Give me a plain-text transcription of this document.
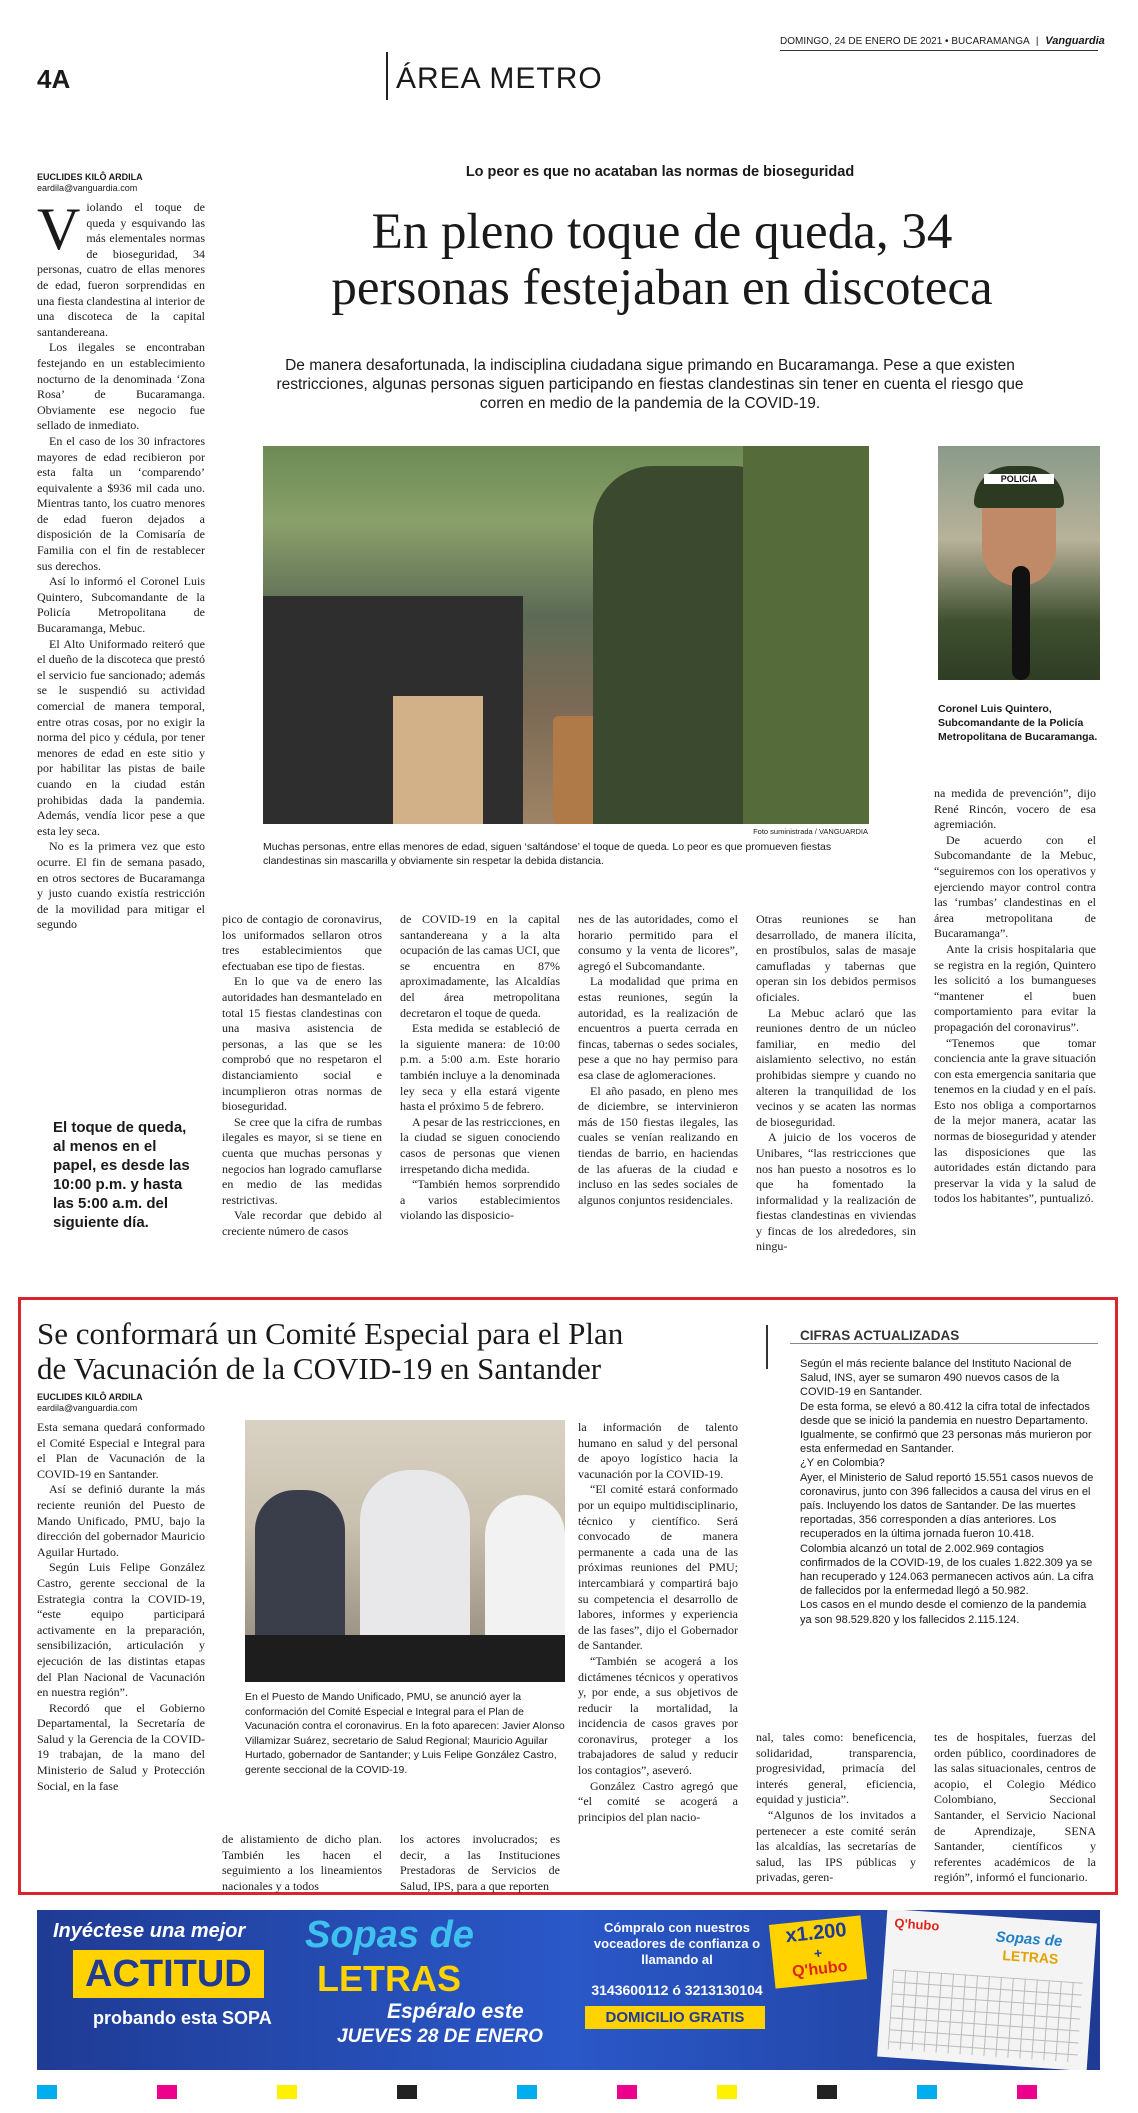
4A	ÁREA METRO
DOMINGO, 24 DE ENERO DE 2021 • BUCARAMANGA | Vanguardia
EUCLIDES KILÔ ARDILA
eardila@vanguardia.com
V iolando el toque de queda y esquivando las más elementales normas de bioseguridad, 34 personas, cuatro de ellas menores de edad, fueron sorprendidas en una fiesta clandestina al interior de una discoteca de la capital santandereana.

Los ilegales se encontraban festejando en un establecimiento nocturno de la denominada ‘Zona Rosa’ de Bucaramanga. Obviamente ese negocio fue sellado de inmediato.

En el caso de los 30 infractores mayores de edad recibieron por esta falta un ‘comparendo’ equivalente a $936 mil cada uno. Mientras tanto, los cuatro menores de edad fueron dejados a disposición de la Comisaría de Familia con el fin de restablecer sus derechos.

Así lo informó el Coronel Luis Quintero, Subcomandante de la Policía Metropolitana de Bucaramanga, Mebuc.

El Alto Uniformado reiteró que el dueño de la discoteca que prestó el servicio fue sancionado; además se le suspendió su actividad comercial de manera temporal, entre otras cosas, por no exigir la norma del pico y cédula, por tener menores de edad en este sitio y por habilitar las pistas de baile cuando en la ciudad están prohibidas dada la pandemia. Además, vendía licor pese a que esta ley seca.

No es la primera vez que esto ocurre. El fin de semana pasado, en otros sectores de Bucaramanga y justo cuando existía restricción de la movilidad para mitigar el segundo

El toque de queda, al menos en el papel, es desde las 10:00 p.m. y hasta las 5:00 a.m. del siguiente día.
Lo peor es que no acataban las normas de bioseguridad
En pleno toque de queda, 34
personas festejaban en discoteca
De manera desafortunada, la indisciplina ciudadana sigue primando en Bucaramanga. Pese a que existen restricciones, algunas personas siguen participando en fiestas clandestinas sin tener en cuenta el riesgo que corren en medio de la pandemia de la COVID-19.
Foto suministrada / VANGUARDIA
Muchas personas, entre ellas menores de edad, siguen ‘saltándose’ el toque de queda. Lo peor es que promueven fiestas clandestinas sin mascarilla y obviamente sin respetar la debida distancia.
POLICÍA
Coronel Luis Quintero, Subcomandante de la Policía Metropolitana de Bucaramanga.

pico de contagio de coronavirus, los uniformados sellaron otros tres establecimientos que efectuaban ese tipo de fiestas.

En lo que va de enero las autoridades han desmantelado en total 15 fiestas clandestinas con una masiva asistencia de personas, a las que se les comprobó que no respetaron el distanciamiento social e incumplieron otras normas de bioseguridad.

Se cree que la cifra de rumbas ilegales es mayor, si se tiene en cuenta que muchas personas y negocios han logrado camuflarse en medio de las medidas restrictivas.

Vale recordar que debido al creciente número de casos

de COVID-19 en la capital santandereana y a la alta ocupación de las camas UCI, que se encuentra en 87% aproximadamente, las Alcaldías del área metropolitana decretaron el toque de queda.

Esta medida se estableció de la siguiente manera: de 10:00 p.m. a 5:00 a.m. Este horario también incluye a la denominada ley seca y ella estará vigente hasta el próximo 5 de febrero.

A pesar de las restricciones, en la ciudad se siguen conociendo casos de personas que vienen irrespetando dicha medida.

“También hemos sorprendido a varios establecimientos violando las disposicio-

nes de las autoridades, como el horario permitido para el consumo y la venta de licores”, agregó el Subcomandante.

La modalidad que prima en estas reuniones, según la autoridad, es la realización de encuentros a puerta cerrada en fincas, tabernas o sedes sociales, pese a que no hay permiso para esa clase de aglomeraciones.

El año pasado, en pleno mes de diciembre, se intervinieron más de 150 fiestas ilegales, las cuales se venían realizando en tiendas de barrio, en haciendas de las afueras de la ciudad e incluso en las sedes sociales de algunos conjuntos residenciales.

Otras reuniones se han desarrollado, de manera ilícita, en prostíbulos, salas de masaje camufladas y tabernas que operan sin los debidos permisos oficiales.

La Mebuc aclaró que las reuniones dentro de un núcleo familiar, en medio del aislamiento selectivo, no están prohibidas siempre y cuando no alteren la tranquilidad de los vecinos y se acaten las normas de bioseguridad.

A juicio de los voceros de Unibares, “las restricciones que nos han puesto a nosotros es lo que ha fomentado la informalidad y la realización de fiestas clandestinas en viviendas y fincas de los alrededores, sin ningu-

na medida de prevención”, dijo René Rincón, vocero de esa agremiación.

De acuerdo con el Subcomandante de la Mebuc, “seguiremos con los operativos y ejerciendo mayor control contra las ‘rumbas’ clandestinas en el área metropolitana de Bucaramanga”.

Ante la crisis hospitalaria que se registra en la región, Quintero les solicitó a los bumangueses “mantener el buen comportamiento para evitar la propagación del coronavirus”.

“Tenemos que tomar conciencia ante la grave situación con esta emergencia sanitaria que tenemos en la ciudad y en el país. Esto nos obliga a comportarnos de la mejor manera, acatar las normas de bioseguridad y atender las disposiciones que las autoridades están dictando para preservar la vida y la salud de todos los habitantes”, puntualizó.

Se conformará un Comité Especial para el Plan
de Vacunación de la COVID-19 en Santander
EUCLIDES KILÔ ARDILA
eardila@vanguardia.com

Esta semana quedará conformado el Comité Especial e Integral para el Plan de Vacunación de la COVID-19 en Santander.

Así se definió durante la más reciente reunión del Puesto de Mando Unificado, PMU, bajo la dirección del gobernador Mauricio Aguilar Hurtado.

Según Luis Felipe González Castro, gerente seccional de la Estrategia contra la COVID-19, “este equipo participará activamente en la preparación, sensibilización, articulación y ejecución de las distintas etapas del Plan Nacional de Vacunación en nuestra región”.

Recordó que el Gobierno Departamental, la Secretaría de Salud y la Gerencia de la COVID-19 trabajan, de la mano del Ministerio de Salud y Protección Social, en la fase

En el Puesto de Mando Unificado, PMU, se anunció ayer la conformación del Comité Especial e Integral para el Plan de Vacunación contra el coronavirus. En la foto aparecen: Javier Alonso Villamizar Suárez, secretario de Salud Regional; Mauricio Aguilar Hurtado, gobernador de Santander; y Luis Felipe González Castro, gerente seccional de la COVID-19.

de alistamiento de dicho plan. También les hacen el seguimiento a los lineamientos nacionales y a todos

los actores involucrados; es decir, a las Instituciones Prestadoras de Servicios de Salud, IPS, para a que reporten

la información de talento humano en salud y del personal de apoyo logístico hacia la vacunación por la COVID-19.

“El comité estará conformado por un equipo multidisciplinario, técnico y científico. Será convocado de manera permanente a cada una de las próximas reuniones del PMU; intercambiará y compartirá bajo su competencia el desarrollo de labores, informes y experiencia de las fases”, dijo el Gobernador de Santander.

“También se acogerá a los dictámenes técnicos y operativos y, por ende, a sus objetivos de reducir la mortalidad, la incidencia de casos graves por coronavirus, proteger a los trabajadores de salud y reducir los contagios”, aseveró.

González Castro agregó que “el comité se acogerá a principios del plan nacio-

nal, tales como: beneficencia, solidaridad, transparencia, progresividad, primacía del interés general, eficiencia, equidad y justicia”.

“Algunos de los invitados a pertenecer a este comité serán las alcaldías, las secretarías de salud, las IPS públicas y privadas, geren-

tes de hospitales, fuerzas del orden público, coordinadores de las salas situacionales, centros de acopio, el Colegio Médico Colombiano, Seccional Santander, el Servicio Nacional de Aprendizaje, SENA Santander, científicos y referentes académicos de la región”, informó el funcionario.

CIFRAS ACTUALIZADAS
Según el más reciente balance del Instituto Nacional de Salud, INS, ayer se sumaron 490 nuevos casos de la COVID-19 en Santander.
De esta forma, se elevó a 80.412 la cifra total de infectados desde que se inició la pandemia en nuestro Departamento.
Igualmente, se confirmó que 23 personas más murieron por esta enfermedad en Santander.
¿Y en Colombia?
Ayer, el Ministerio de Salud reportó 15.551 casos nuevos de coronavirus, junto con 396 fallecidos a causa del virus en el país. Incluyendo los datos de Santander. De las muertes reportadas, 356 corresponden a días anteriores. Los recuperados en la última jornada fueron 10.418.
Colombia alcanzó un total de 2.002.969 contagios confirmados de la COVID-19, de los cuales 1.822.309 ya se han recuperado y 124.063 permanecen activos aún. La cifra de fallecidos por la enfermedad llegó a 50.982.
Los casos en el mundo desde el comienzo de la pandemia ya son 98.529.820 y los fallecidos 2.115.124.
Inyéctese una mejor
ACTITUD
probando esta SOPA
Sopas de
LETRAS
Espéralo este
JUEVES 28 DE ENERO
Cómpralo con nuestros voceadores de confianza o llamando al
3143600112 ó 3213130104
DOMICILIO GRATIS
x1.200
+
Q'hubo
Q'hubo
Sopas de
LETRAS
